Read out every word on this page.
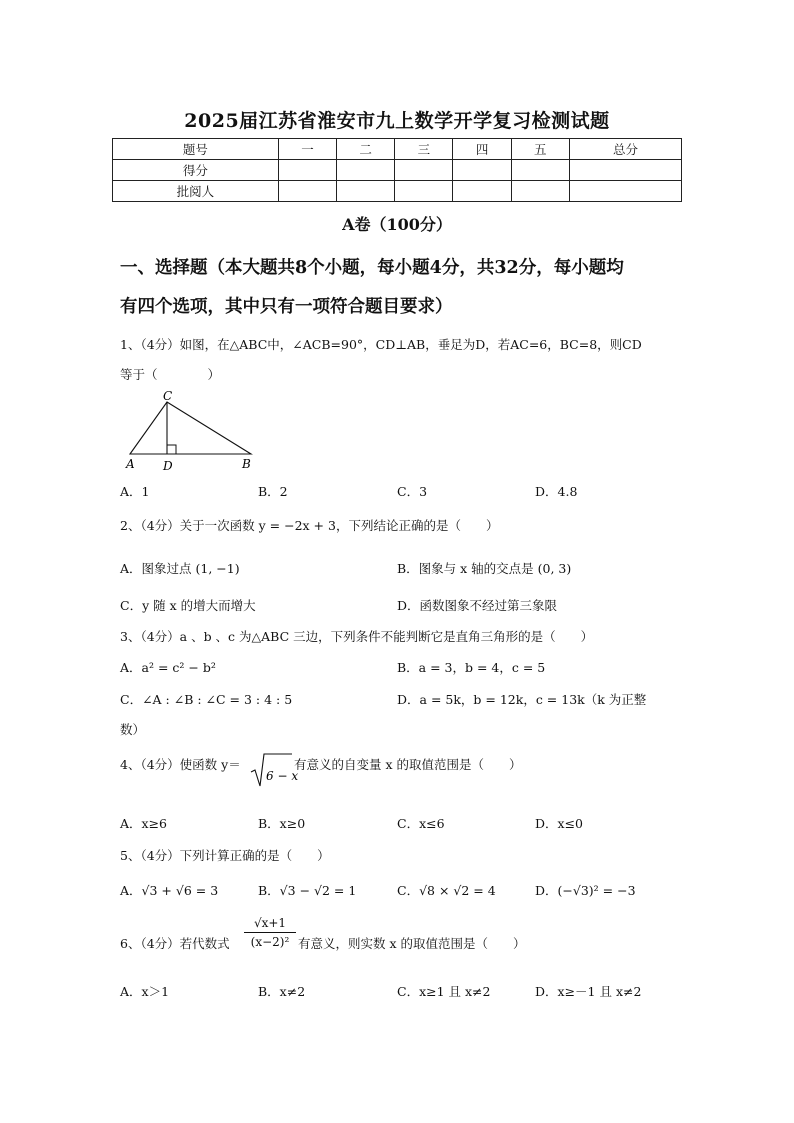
2025届江苏省淮安市九上数学开学复习检测试题
题号	一	二	三	四	五	总分
得分						
批阅人						
A卷（100分）
一、选择题（本大题共8个小题，每小题4分，共32分，每小题均
有四个选项，其中只有一项符合题目要求）
1、（4分）如图，在△ABC中，∠ACB=90°，CD⊥AB，垂足为D，若AC=6，BC=8，则CD
等于（　　　　）
C
A D	B
A．1	B．2	C．3	D．4.8
2、（4分）关于一次函数 y = −2x + 3，下列结论正确的是（　　）
A．图象过点 (1, −1)	B．图象与 x 轴的交点是 (0, 3)
C．y 随 x 的增大而增大	D．函数图象不经过第三象限
3、（4分）a 、b 、c 为△ABC 三边，下列条件不能判断它是直角三角形的是（　　）
A．a² = c² − b²	B．a = 3，b = 4，c = 5
C．∠A : ∠B : ∠C = 3 : 4 : 5	D．a = 5k，b = 12k，c = 13k（k 为正整
数）
4、（4分）使函数 y＝
6 − x
有意义的自变量 x 的取值范围是（　　）
A．x≥6	B．x≥0	C．x≤6	D．x≤0
5、（4分）下列计算正确的是（　　）
A．√3 + √6 = 3	B．√3 − √2 = 1	C．√8 × √2 = 4	D．(−√3)² = −3
6、（4分）若代数式 $\frac{√x+1}{\text{(x−2)²}}$ 有意义，则实数 x 的取值范围是（　　）
A．x＞1	B．x≠2	C．x≥1 且 x≠2	D．x≥－1 且 x≠2
